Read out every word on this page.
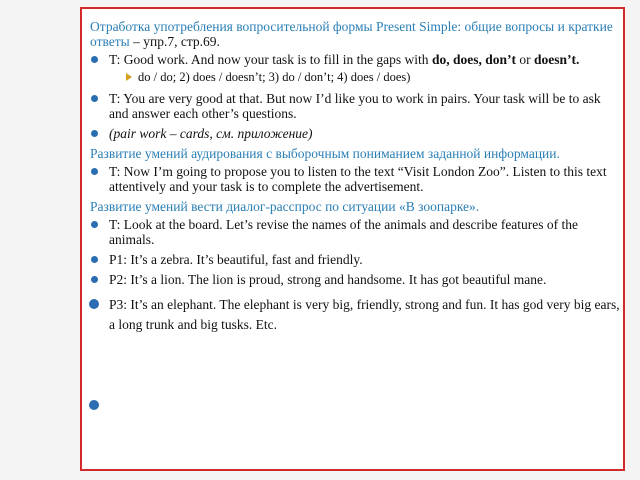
Отработка употребления вопросительной формы Present Simple: общие вопросы и краткие ответы – упр.7, стр.69.

T: Good work. And now your task is to fill in the gaps with do, does, don’t or doesn’t.
do / do; 2) does / doesn’t; 3) do / don’t; 4) does / does)
T: You are very good at that. But now I’d like you to work in pairs. Your task will be to ask and answer each other’s questions.
(pair work – cards, см. приложение)

Развитие умений аудирования с выборочным пониманием заданной информации.

T: Now I’m going to propose you to listen to the text “Visit London Zoo”. Listen to this text attentively and your task is to complete the advertisement.

Развитие умений вести диалог-расспрос по ситуации «В зоопарке».

T: Look at the board. Let’s revise the names of the animals and describe features of the animals.
P1: It’s a zebra. It’s beautiful, fast and friendly.
P2: It’s a lion. The lion is proud, strong and handsome. It has got beautiful mane.
P3: It’s an elephant. The elephant is very big, friendly, strong and fun. It has god very big ears, a long trunk and big tusks. Etc.
